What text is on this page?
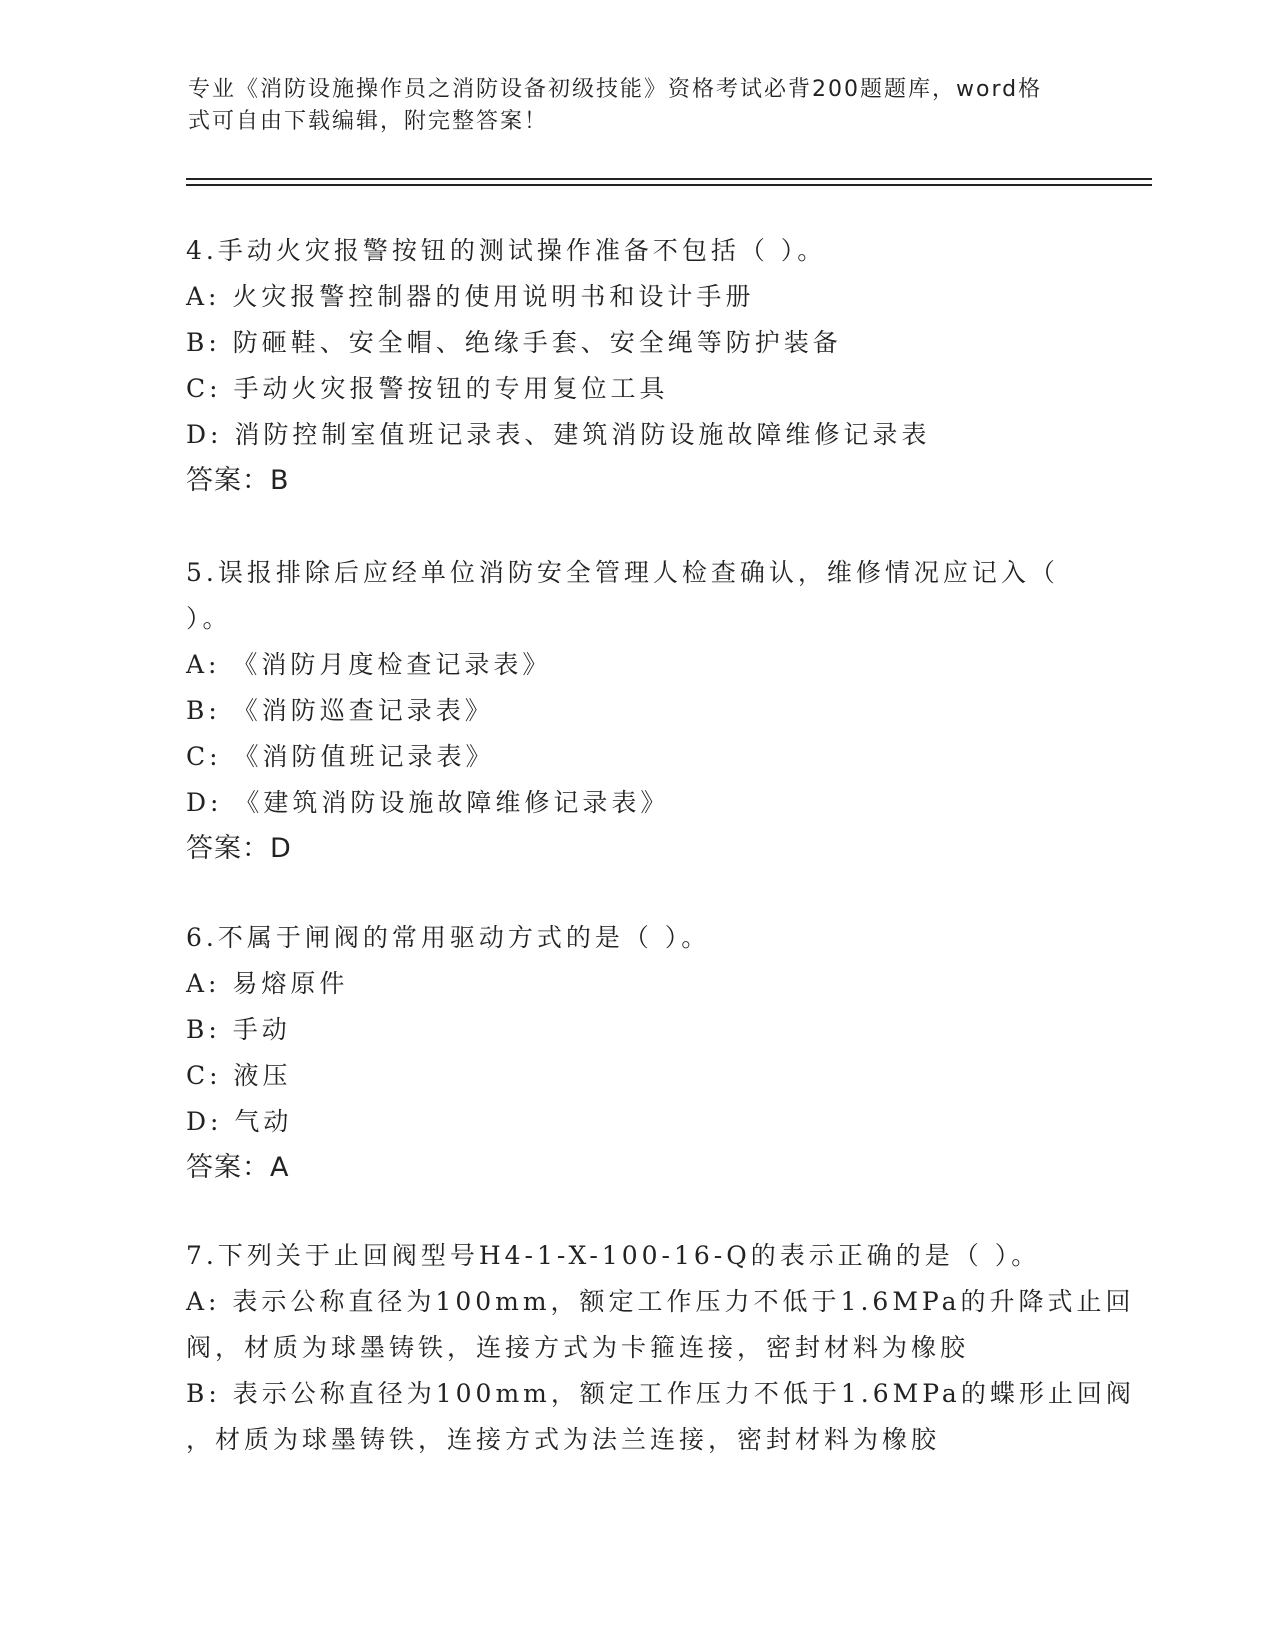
专业《消防设施操作员之消防设备初级技能》资格考试必背200题题库，word格
式可自由下载编辑，附完整答案！
4.手动火灾报警按钮的测试操作准备不包括（ ）。
A: 火灾报警控制器的使用说明书和设计手册
B: 防砸鞋、安全帽、绝缘手套、安全绳等防护装备
C: 手动火灾报警按钮的专用复位工具
D: 消防控制室值班记录表、建筑消防设施故障维修记录表
答案：B
5.误报排除后应经单位消防安全管理人检查确认，维修情况应记入（
）。
A: 《消防月度检查记录表》
B: 《消防巡查记录表》
C: 《消防值班记录表》
D: 《建筑消防设施故障维修记录表》
答案：D
6.不属于闸阀的常用驱动方式的是（ ）。
A: 易熔原件
B: 手动
C: 液压
D: 气动
答案：A
7.下列关于止回阀型号H4-1-X-100-16-Q的表示正确的是（ ）。
A: 表示公称直径为100mm，额定工作压力不低于1.6MPa的升降式止回
阀，材质为球墨铸铁，连接方式为卡箍连接，密封材料为橡胶
B: 表示公称直径为100mm，额定工作压力不低于1.6MPa的蝶形止回阀
，材质为球墨铸铁，连接方式为法兰连接，密封材料为橡胶
